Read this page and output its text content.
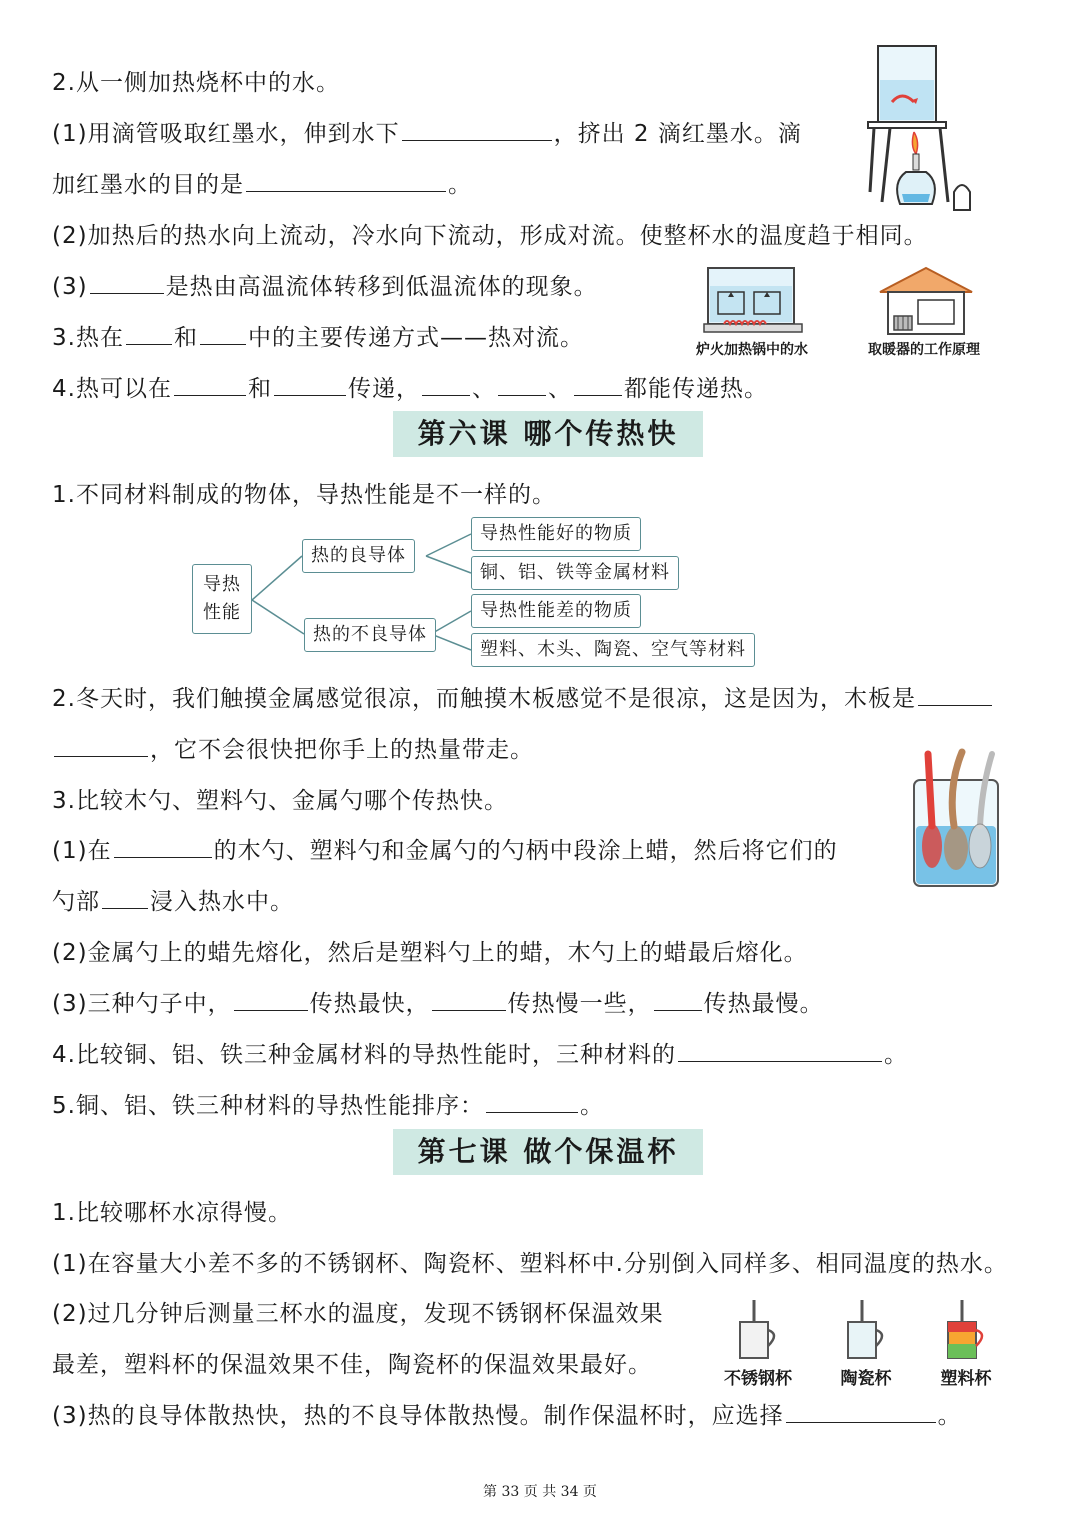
2.从一侧加热烧杯中的水。
(1)用滴管吸取红墨水，伸到水下	，挤出 2 滴红墨水。滴
加红墨水的目的是	。
(2)加热后的热水向上流动，冷水向下流动，形成对流。使整杯水的温度趋于相同。
(3)	是热由高温流体转移到低温流体的现象。
3.热在 和 中的主要传递方式——热对流。
4.热可以在	和	传递， 、 、 都能传递热。
炉火加热锅中的水	取暖器的工作原理
第六课 哪个传热快
1.不同材料制成的物体，导热性能是不一样的。
导热
性能
热的良导体
热的不良导体
导热性能好的物质
铜、铝、铁等金属材料
导热性能差的物质
塑料、木头、陶瓷、空气等材料
2.冬天时，我们触摸金属感觉很凉，而触摸木板感觉不是很凉，这是因为，木板是
，它不会很快把你手上的热量带走。
3.比较木勺、塑料勺、金属勺哪个传热快。
(1)在	的木勺、塑料勺和金属勺的勺柄中段涂上蜡，然后将它们的
勺部 浸入热水中。
(2)金属勺上的蜡先熔化，然后是塑料勺上的蜡，木勺上的蜡最后熔化。
(3)三种勺子中，	传热最快，	传热慢一些， 传热最慢。
4.比较铜、铝、铁三种金属材料的导热性能时，三种材料的	。
5.铜、铝、铁三种材料的导热性能排序：	。
第七课 做个保温杯
1.比较哪杯水凉得慢。
(1)在容量大小差不多的不锈钢杯、陶瓷杯、塑料杯中.分别倒入同样多、相同温度的热水。
(2)过几分钟后测量三杯水的温度，发现不锈钢杯保温效果
最差，塑料杯的保温效果不佳，陶瓷杯的保温效果最好。
(3)热的良导体散热快，热的不良导体散热慢。制作保温杯时，应选择	。
不锈钢杯	陶瓷杯	塑料杯
第 33 页 共 34 页
